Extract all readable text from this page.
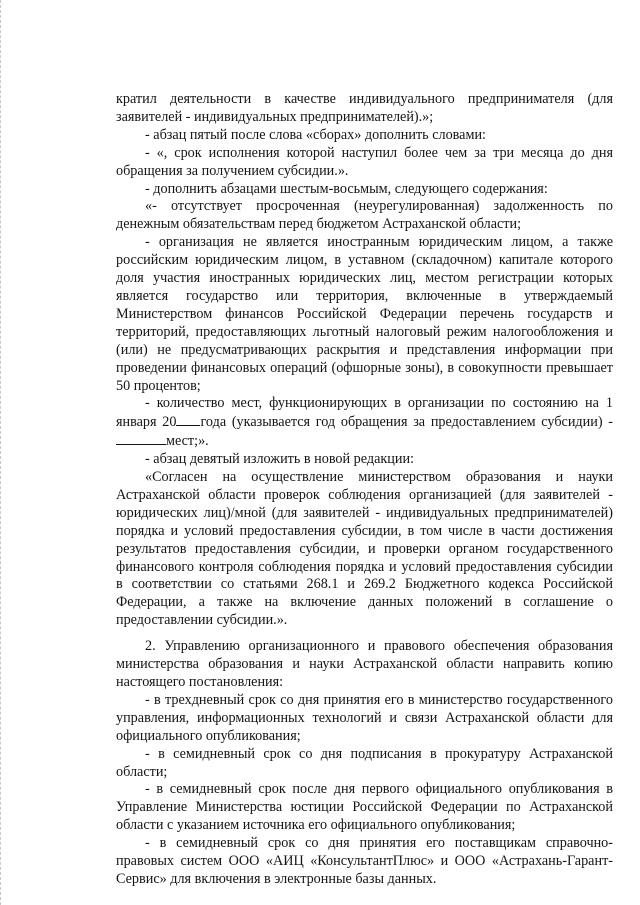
кратил деятельности в качестве индивидуального предпринимателя (для заявителей - индивидуальных предпринимателей).»;

- абзац пятый после слова «сборах» дополнить словами:

- «, срок исполнения которой наступил более чем за три месяца до дня обращения за получением субсидии.».

- дополнить абзацами шестым-восьмым, следующего содержания:

«- отсутствует просроченная (неурегулированная) задолженность по денежным обязательствам перед бюджетом Астраханской области;

- организация не является иностранным юридическим лицом, а также российским юридическим лицом, в уставном (складочном) капитале которого доля участия иностранных юридических лиц, местом регистрации которых является государство или территория, включенные в утверждаемый Министерством финансов Российской Федерации перечень государств и территорий, предоставляющих льготный налоговый режим налогообложения и (или) не предусматривающих раскрытия и представления информации при проведении финансовых операций (офшорные зоны), в совокупности превышает 50 процентов;

- количество мест, функционирующих в организации по состоянию на 1 января 20 года (указывается год обращения за предоставлением субсидии) - мест;».

- абзац девятый изложить в новой редакции:

«Согласен на осуществление министерством образования и науки Астраханской области проверок соблюдения организацией (для заявителей - юридических лиц)/мной (для заявителей - индивидуальных предпринимателей) порядка и условий предоставления субсидии, в том числе в части достижения результатов предоставления субсидии, и проверки органом государственного финансового контроля соблюдения порядка и условий предоставления субсидии в соответствии со статьями 268.1 и 269.2 Бюджетного кодекса Российской Федерации, а также на включение данных положений в соглашение о предоставлении субсидии.».

2. Управлению организационного и правового обеспечения образования министерства образования и науки Астраханской области направить копию настоящего постановления:

- в трехдневный срок со дня принятия его в министерство государственного управления, информационных технологий и связи Астраханской области для официального опубликования;

- в семидневный срок со дня подписания в прокуратуру Астраханской области;

- в семидневный срок после дня первого официального опубликования в Управление Министерства юстиции Российской Федерации по Астраханской области с указанием источника его официального опубликования;

- в семидневный срок со дня принятия его поставщикам справочно-правовых систем ООО «АИЦ «КонсультантПлюс» и ООО «Астрахань-Гарант-Сервис» для включения в электронные базы данных.
